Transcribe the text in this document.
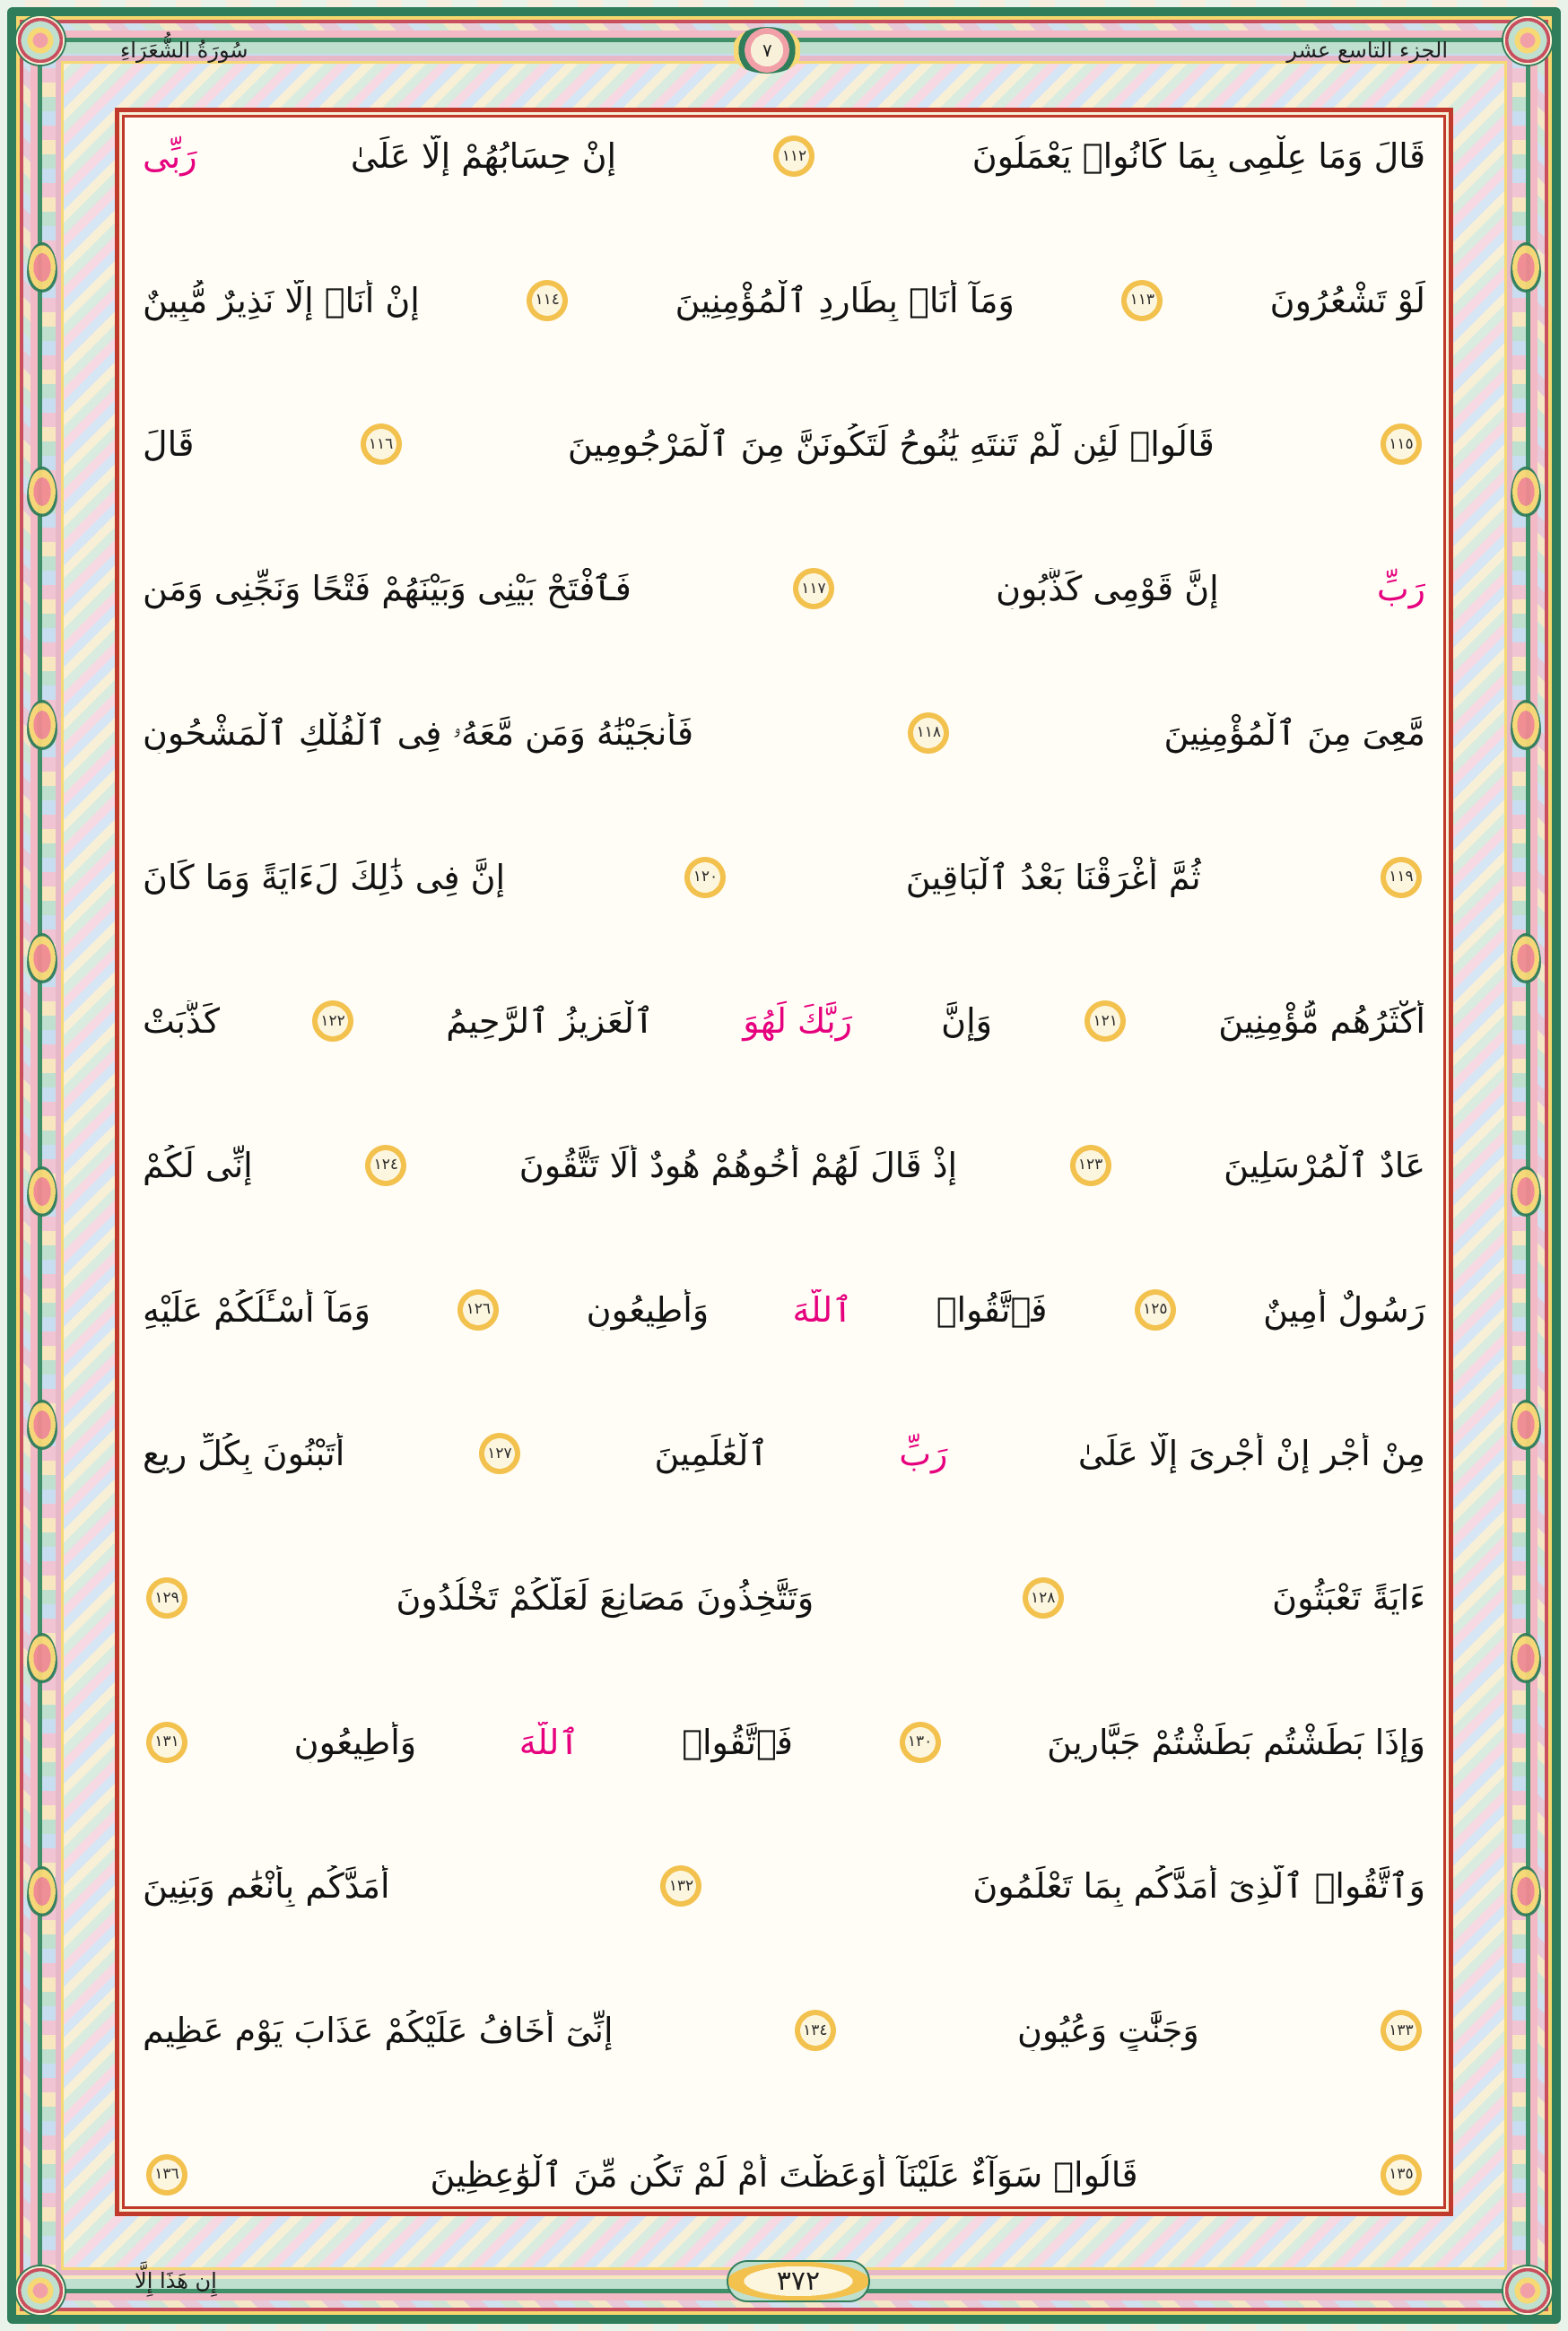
الجزء التاسع عشر
٧
سُورَةُ الشُّعَرَاءِ
قَالَ وَمَا عِلْمِى بِمَا كَانُوا۟ يَعْمَلُونَ
١١٢
إِنْ حِسَابُهُمْ إِلَّا عَلَىٰ
رَبِّى
لَوْ تَشْعُرُونَ
١١٣
وَمَآ أَنَا۠ بِطَارِدِ ٱلْمُؤْمِنِينَ
١١٤
إِنْ أَنَا۠ إِلَّا نَذِيرٌ مُّبِينٌ
١١٥
قَالُوا۟ لَئِن لَّمْ تَنتَهِ يَٰنُوحُ لَتَكُونَنَّ مِنَ ٱلْمَرْجُومِينَ
١١٦
قَالَ
رَبِّ
إِنَّ قَوْمِى كَذَّبُونِ
١١٧
فَٱفْتَحْ بَيْنِى وَبَيْنَهُمْ فَتْحًا وَنَجِّنِى وَمَن
مَّعِىَ مِنَ ٱلْمُؤْمِنِينَ
١١٨
فَأَنجَيْنَٰهُ وَمَن مَّعَهُۥ فِى ٱلْفُلْكِ ٱلْمَشْحُونِ
١١٩
ثُمَّ أَغْرَقْنَا بَعْدُ ٱلْبَاقِينَ
١٢٠
إِنَّ فِى ذَٰلِكَ لَءَايَةً وَمَا كَانَ
أَكْثَرُهُم مُّؤْمِنِينَ
١٢١
وَإِنَّ
رَبَّكَ لَهُوَ
ٱلْعَزِيزُ ٱلرَّحِيمُ
١٢٢
كَذَّبَتْ
عَادٌ ٱلْمُرْسَلِينَ
١٢٣
إِذْ قَالَ لَهُمْ أَخُوهُمْ هُودٌ أَلَا تَتَّقُونَ
١٢٤
إِنِّى لَكُمْ
رَسُولٌ أَمِينٌ
١٢٥
فَٱتَّقُوا۟
ٱللَّهَ
وَأَطِيعُونِ
١٢٦
وَمَآ أَسْـَٔلُكُمْ عَلَيْهِ
مِنْ أَجْرٍ إِنْ أَجْرِىَ إِلَّا عَلَىٰ
رَبِّ
ٱلْعَٰلَمِينَ
١٢٧
أَتَبْنُونَ بِكُلِّ رِيعٍ
ءَايَةً تَعْبَثُونَ
١٢٨
وَتَتَّخِذُونَ مَصَانِعَ لَعَلَّكُمْ تَخْلُدُونَ
١٢٩
وَإِذَا بَطَشْتُم بَطَشْتُمْ جَبَّارِينَ
١٣٠
فَٱتَّقُوا۟
ٱللَّهَ
وَأَطِيعُونِ
١٣١
وَٱتَّقُوا۟ ٱلَّذِىٓ أَمَدَّكُم بِمَا تَعْلَمُونَ
١٣٢
أَمَدَّكُم بِأَنْعَٰمٍ وَبَنِينَ
١٣٣
وَجَنَّٰتٍ وَعُيُونٍ
١٣٤
إِنِّىٓ أَخَافُ عَلَيْكُمْ عَذَابَ يَوْمٍ عَظِيمٍ
١٣٥
قَالُوا۟ سَوَآءٌ عَلَيْنَآ أَوَعَظْتَ أَمْ لَمْ تَكُن مِّنَ ٱلْوَٰعِظِينَ
١٣٦
٣٧٢
إِن هَذَا إِلَّا
